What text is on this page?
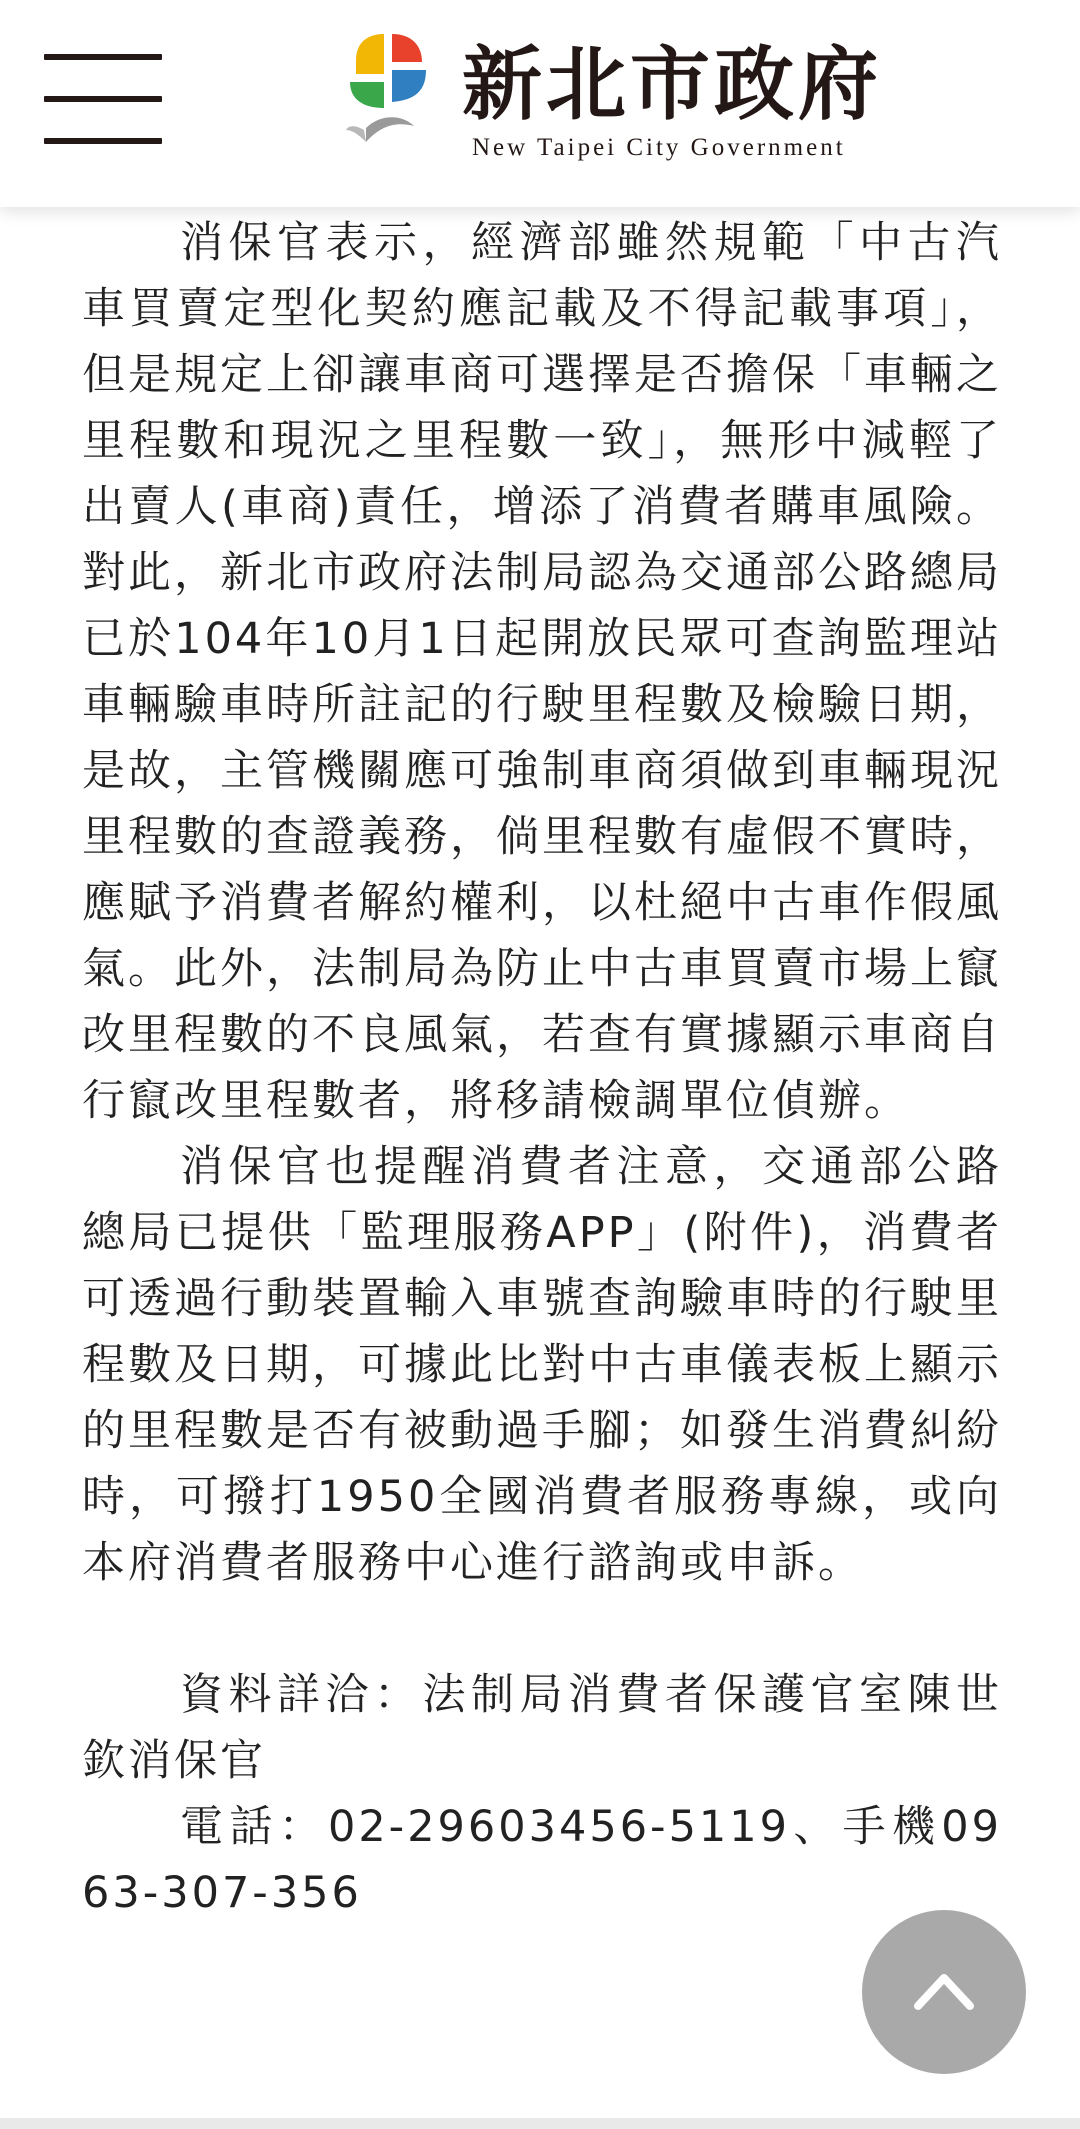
新北市政府
New Taipei City Government

消保官表示，經濟部雖然規範「中古汽車買賣定型化契約應記載及不得記載事項」，但是規定上卻讓車商可選擇是否擔保「車輛之里程數和現況之里程數一致」，無形中減輕了出賣人(車商)責任，增添了消費者購車風險。對此，新北市政府法制局認為交通部公路總局已於104年10月1日起開放民眾可查詢監理站車輛驗車時所註記的行駛里程數及檢驗日期，是故，主管機關應可強制車商須做到車輛現況里程數的查證義務，倘里程數有虛假不實時，應賦予消費者解約權利，以杜絕中古車作假風氣。此外，法制局為防止中古車買賣市場上竄改里程數的不良風氣，若查有實據顯示車商自行竄改里程數者，將移請檢調單位偵辦。

消保官也提醒消費者注意，交通部公路總局已提供「監理服務APP」(附件)，消費者可透過行動裝置輸入車號查詢驗車時的行駛里程數及日期，可據此比對中古車儀表板上顯示的里程數是否有被動過手腳；如發生消費糾紛時，可撥打1950全國消費者服務專線，或向本府消費者服務中心進行諮詢或申訴。

資料詳洽：法制局消費者保護官室陳世欽消保官

電話：02-29603456-5119、手機0963-307-356
